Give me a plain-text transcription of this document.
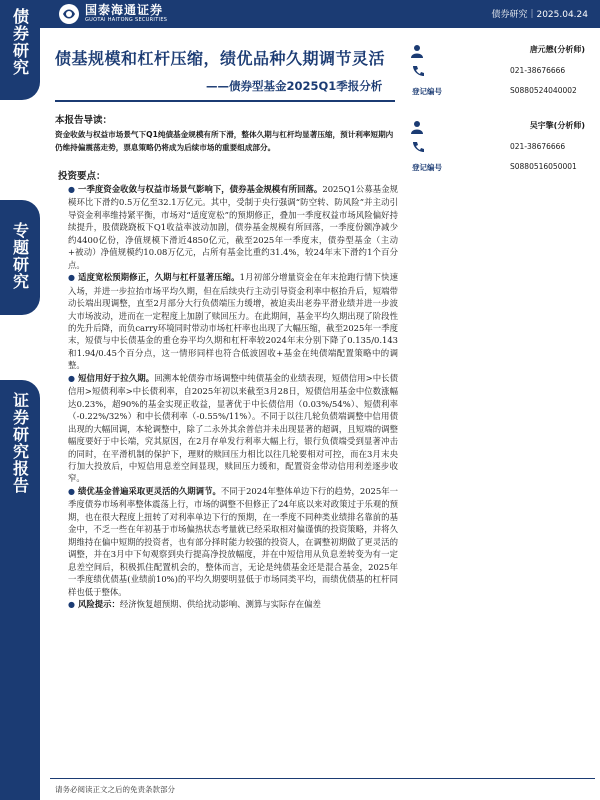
债券研究
专题研究
证券研究报告
国泰海通证券
GUOTAI HAITONG SECURITIES	债券研究｜2025.04.24
债基规模和杠杆压缩，绩优品种久期调节灵活
——债券型基金2025Q1季报分析
本报告导读：
资金收敛与权益市场景气下Q1纯债基金规模有所下滑，整体久期与杠杆均显著压缩，预计利率短期内仍维持偏震荡走势，票息策略仍将成为后续市场的重要组成部分。
投资要点：
● 一季度资金收敛与权益市场景气影响下，债券基金规模有所回落。2025Q1公募基金规模环比下滑约0.5万亿至32.1万亿元。其中，受制于央行强调“防空转、防风险”并主动引导资金利率维持紧平衡，市场对“适度宽松”的预期修正，叠加一季度权益市场风险偏好持续提升，股债跷跷板下Q1收益率波动加剧，债券基金规模有所回落，一季度份额净减少约4400亿份，净值规模下滑近4850亿元，截至2025年一季度末，债券型基金（主动+被动）净值规模约10.08万亿元，占所有基金比重约31.4%，较24年末下滑约1个百分点。
● 适度宽松预期修正，久期与杠杆显著压缩。1月初部分增量资金在年末抢跑行情下快速入场，并进一步拉抬市场平均久期，但在后续央行主动引导资金利率中枢抬升后，短端带动长端出现调整，直至2月部分大行负债端压力缓增，被迫卖出老券平滑业绩并进一步波大市场波动，进而在一定程度上加剧了赎回压力。在此期间，基金平均久期出现了阶段性的先升后降，而负carry环境同时带动市场杠杆率也出现了大幅压缩，截至2025年一季度末，短债与中长债基金的重仓券平均久期和杠杆率较2024年末分别下降了0.135/0.143和1.94/0.45个百分点，这一情形同样也符合低波固收+基金在纯债端配置策略中的调整。
● 短信用好于拉久期。回溯本轮债券市场调整中纯债基金的业绩表现，短债信用>中长债信用>短债利率>中长债利率，自2025年初以来截至3月28日，短债信用基金中位数涨幅达0.23%，超90%的基金实现正收益，显著优于中长债信用（0.03%/54%）、短债利率（-0.22%/32%）和中长债利率（-0.55%/11%）。不同于以往几轮负债端调整中信用债出现的大幅回调，本轮调整中，除了二永外其余普信并未出现显著的超调，且短端的调整幅度要好于中长端，究其原因，在2月存单发行利率大幅上行，银行负债端受到显著冲击的同时，在平滑机制的保护下，理财的赎回压力相比以往几轮要相对可控，而在3月末央行加大投放后，中短信用息差空间显现，赎回压力缓和，配置资金带动信用利差逐步收窄。
● 绩优基金普遍采取更灵活的久期调节。不同于2024年整体单边下行的趋势，2025年一季度债券市场利率整体震荡上行，市场的调整不但修正了24年底以来对政策过于乐观的预期，也在很大程度上扭转了对利率单边下行的预期，在一季度不同种类业绩排名靠前的基金中，不乏一些在年初基于市场偏热状态考量就已经采取相对偏谨慎的投资策略，并将久期维持在偏中短期的投资者，也有部分择时能力较强的投资人，在调整初期做了更灵活的调整，并在3月中下旬观察到央行提高净投放幅度，并在中短信用从负息差转变为有一定息差空间后，积极抓住配置机会的，整体而言，无论是纯债基金还是混合基金，2025年一季度绩优债基(业绩前10%)的平均久期要明显低于市场同类平均，而绩优债基的杠杆同样也低于整体。
● 风险提示：经济恢复超预期、供给扰动影响、测算与实际存在偏差
唐元懋(分析师)
021-38676666
登记编号	S0880524040002
吴宇擎(分析师)
021-38676666
登记编号	S0880516050001
请务必阅读正文之后的免责条款部分
